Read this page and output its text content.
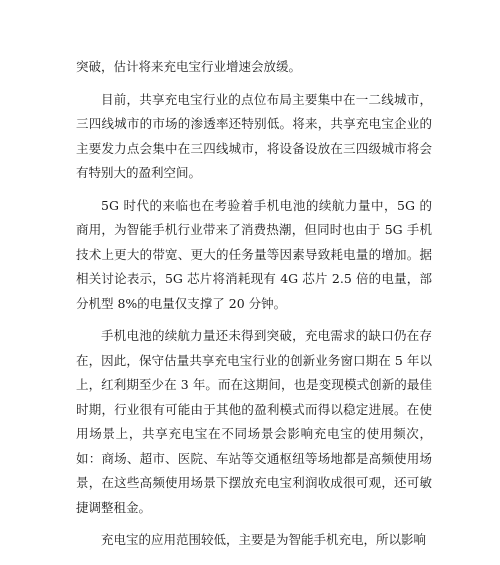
突破，估计将来充电宝行业增速会放缓。

目前，共享充电宝行业的点位布局主要集中在一二线城市，三四线城市的市场的渗透率还特别低。将来，共享充电宝企业的主要发力点会集中在三四线城市，将设备设放在三四级城市将会有特别大的盈利空间。

5G 时代的来临也在考验着手机电池的续航力量中，5G 的商用，为智能手机行业带来了消费热潮，但同时也由于 5G 手机技术上更大的带宽、更大的任务量等因素导致耗电量的增加。据相关讨论表示，5G 芯片将消耗现有 4G 芯片 2.5 倍的电量，部分机型 8%的电量仅支撑了 20 分钟。

手机电池的续航力量还未得到突破，充电需求的缺口仍在存在，因此，保守估量共享充电宝行业的创新业务窗口期在 5 年以上，红利期至少在 3 年。而在这期间，也是变现模式创新的最佳时期，行业很有可能由于其他的盈利模式而得以稳定进展。在使用场景上，共享充电宝在不同场景会影响充电宝的使用频次，如：商场、超市、医院、车站等交通枢纽等场地都是高频使用场景，在这些高频使用场景下摆放充电宝利润收成很可观，还可敏捷调整租金。

充电宝的应用范围较低，主要是为智能手机充电，所以影响
